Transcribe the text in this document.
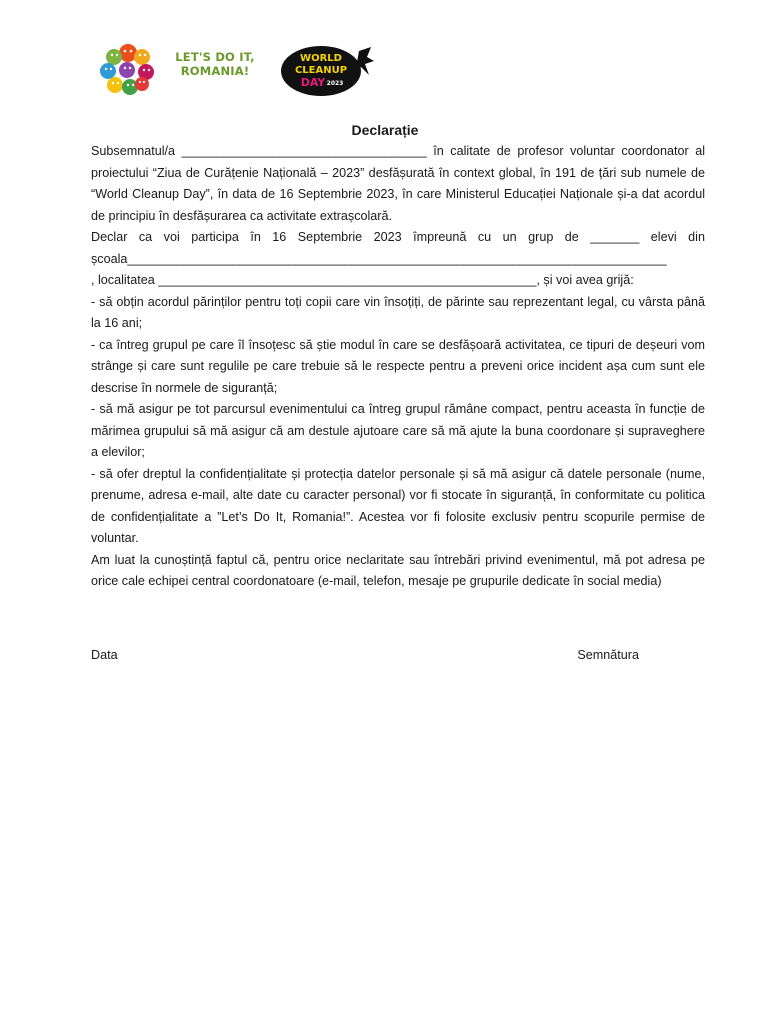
LET'S DO IT,
ROMANIA!
WORLD
CLEANUP
DAY 2023
Declarație

Subsemnatul/a ___________________________________ în calitate de profesor voluntar coordonator al proiectului “Ziua de Curățenie Națională – 2023” desfășurată în context global, în 191 de țări sub numele de “World Cleanup Day”, în data de 16 Septembrie 2023, în care Ministerul Educației Naționale și-a dat acordul de principiu în desfășurarea ca activitate extrașcolară.

Declar ca voi participa în 16 Septembrie 2023 împreună cu un grup de _______ elevi din școala_____________________________________________________________________________

, localitatea ______________________________________________________, și voi avea grijă:

- să obțin acordul părinților pentru toți copii care vin însoțiți, de părinte sau reprezentant legal, cu vârsta până la 16 ani;

- ca întreg grupul pe care îl însoțesc să știe modul în care se desfășoară activitatea, ce tipuri de deșeuri vom strânge și care sunt regulile pe care trebuie să le respecte pentru a preveni orice incident așa cum sunt ele descrise în normele de siguranță;

- să mă asigur pe tot parcursul evenimentului ca întreg grupul rămâne compact, pentru aceasta în funcție de mărimea grupului să mă asigur că am destule ajutoare care să mă ajute la buna coordonare și supraveghere a elevilor;

- să ofer dreptul la confidențialitate și protecția datelor personale și să mă asigur că datele personale (nume, prenume, adresa e-mail, alte date cu caracter personal) vor fi stocate în siguranță, în conformitate cu politica de confidențialitate a ”Let’s Do It, Romania!”. Acestea vor fi folosite exclusiv pentru scopurile permise de voluntar.

Am luat la cunoștință faptul că, pentru orice neclaritate sau întrebări privind evenimentul, mă pot adresa pe orice cale echipei central coordonatoare (e-mail, telefon, mesaje pe grupurile dedicate în social media)

Data	Semnătura
